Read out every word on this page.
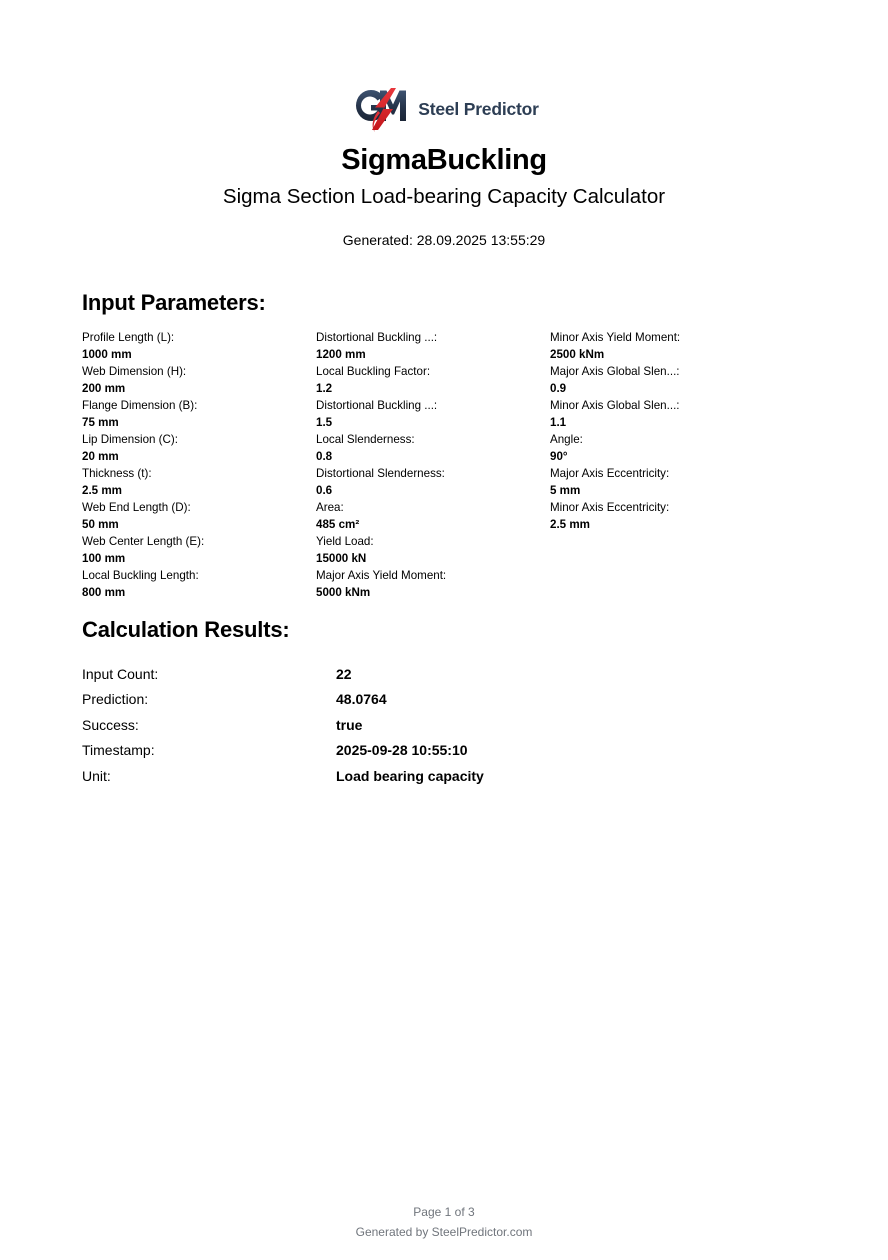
Steel Predictor
SigmaBuckling
Sigma Section Load-bearing Capacity Calculator
Generated: 28.09.2025 13:55:29
Input Parameters:
Profile Length (L):
1000 mm
Web Dimension (H):
200 mm
Flange Dimension (B):
75 mm
Lip Dimension (C):
20 mm
Thickness (t):
2.5 mm
Web End Length (D):
50 mm
Web Center Length (E):
100 mm
Local Buckling Length:
800 mm
Distortional Buckling ...:
1200 mm
Local Buckling Factor:
1.2
Distortional Buckling ...:
1.5
Local Slenderness:
0.8
Distortional Slenderness:
0.6
Area:
485 cm²
Yield Load:
15000 kN
Major Axis Yield Moment:
5000 kNm
Minor Axis Yield Moment:
2500 kNm
Major Axis Global Slen...:
0.9
Minor Axis Global Slen...:
1.1
Angle:
90°
Major Axis Eccentricity:
5 mm
Minor Axis Eccentricity:
2.5 mm
Calculation Results:
Input Count:	22
Prediction:	48.0764
Success:	true
Timestamp:	2025-09-28 10:55:10
Unit:	Load bearing capacity
Page 1 of 3
Generated by SteelPredictor.com
